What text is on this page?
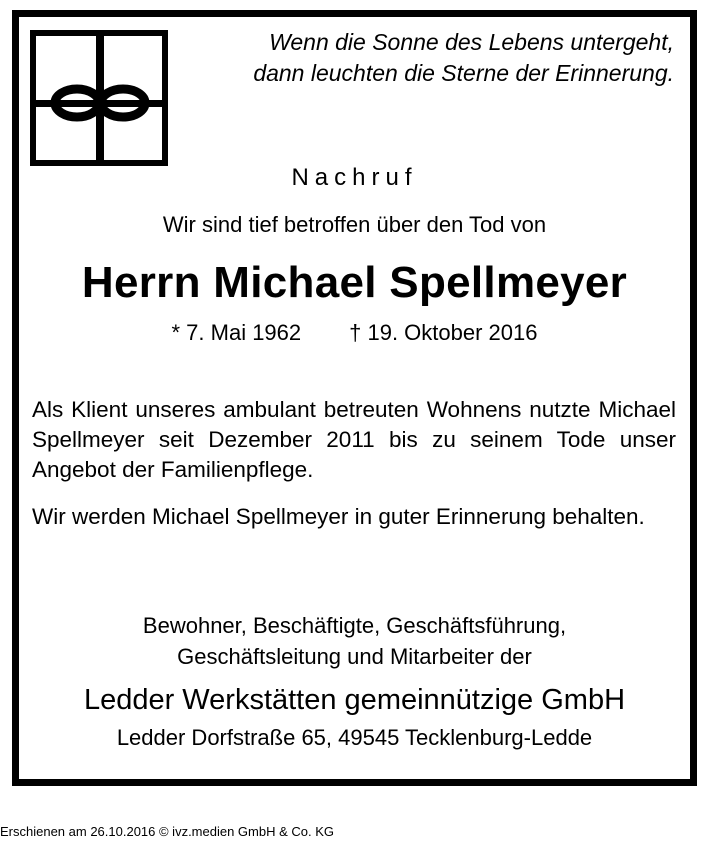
Wenn die Sonne des Lebens untergeht,
dann leuchten die Sterne der Erinnerung.
Nachruf
Wir sind tief betroffen über den Tod von
Herrn Michael Spellmeyer
* 7. Mai 1962 † 19. Oktober 2016
Als Klient unseres ambulant betreuten Wohnens nutzte Michael Spellmeyer seit Dezember 2011 bis zu seinem Tode unser Angebot der Familienpflege.
Wir werden Michael Spellmeyer in guter Erinnerung behalten.
Bewohner, Beschäftigte, Geschäftsführung,
Geschäftsleitung und Mitarbeiter der
Ledder Werkstätten gemeinnützige GmbH
Ledder Dorfstraße 65, 49545 Tecklenburg-Ledde
Erschienen am 26.10.2016 © ivz.medien GmbH & Co. KG
